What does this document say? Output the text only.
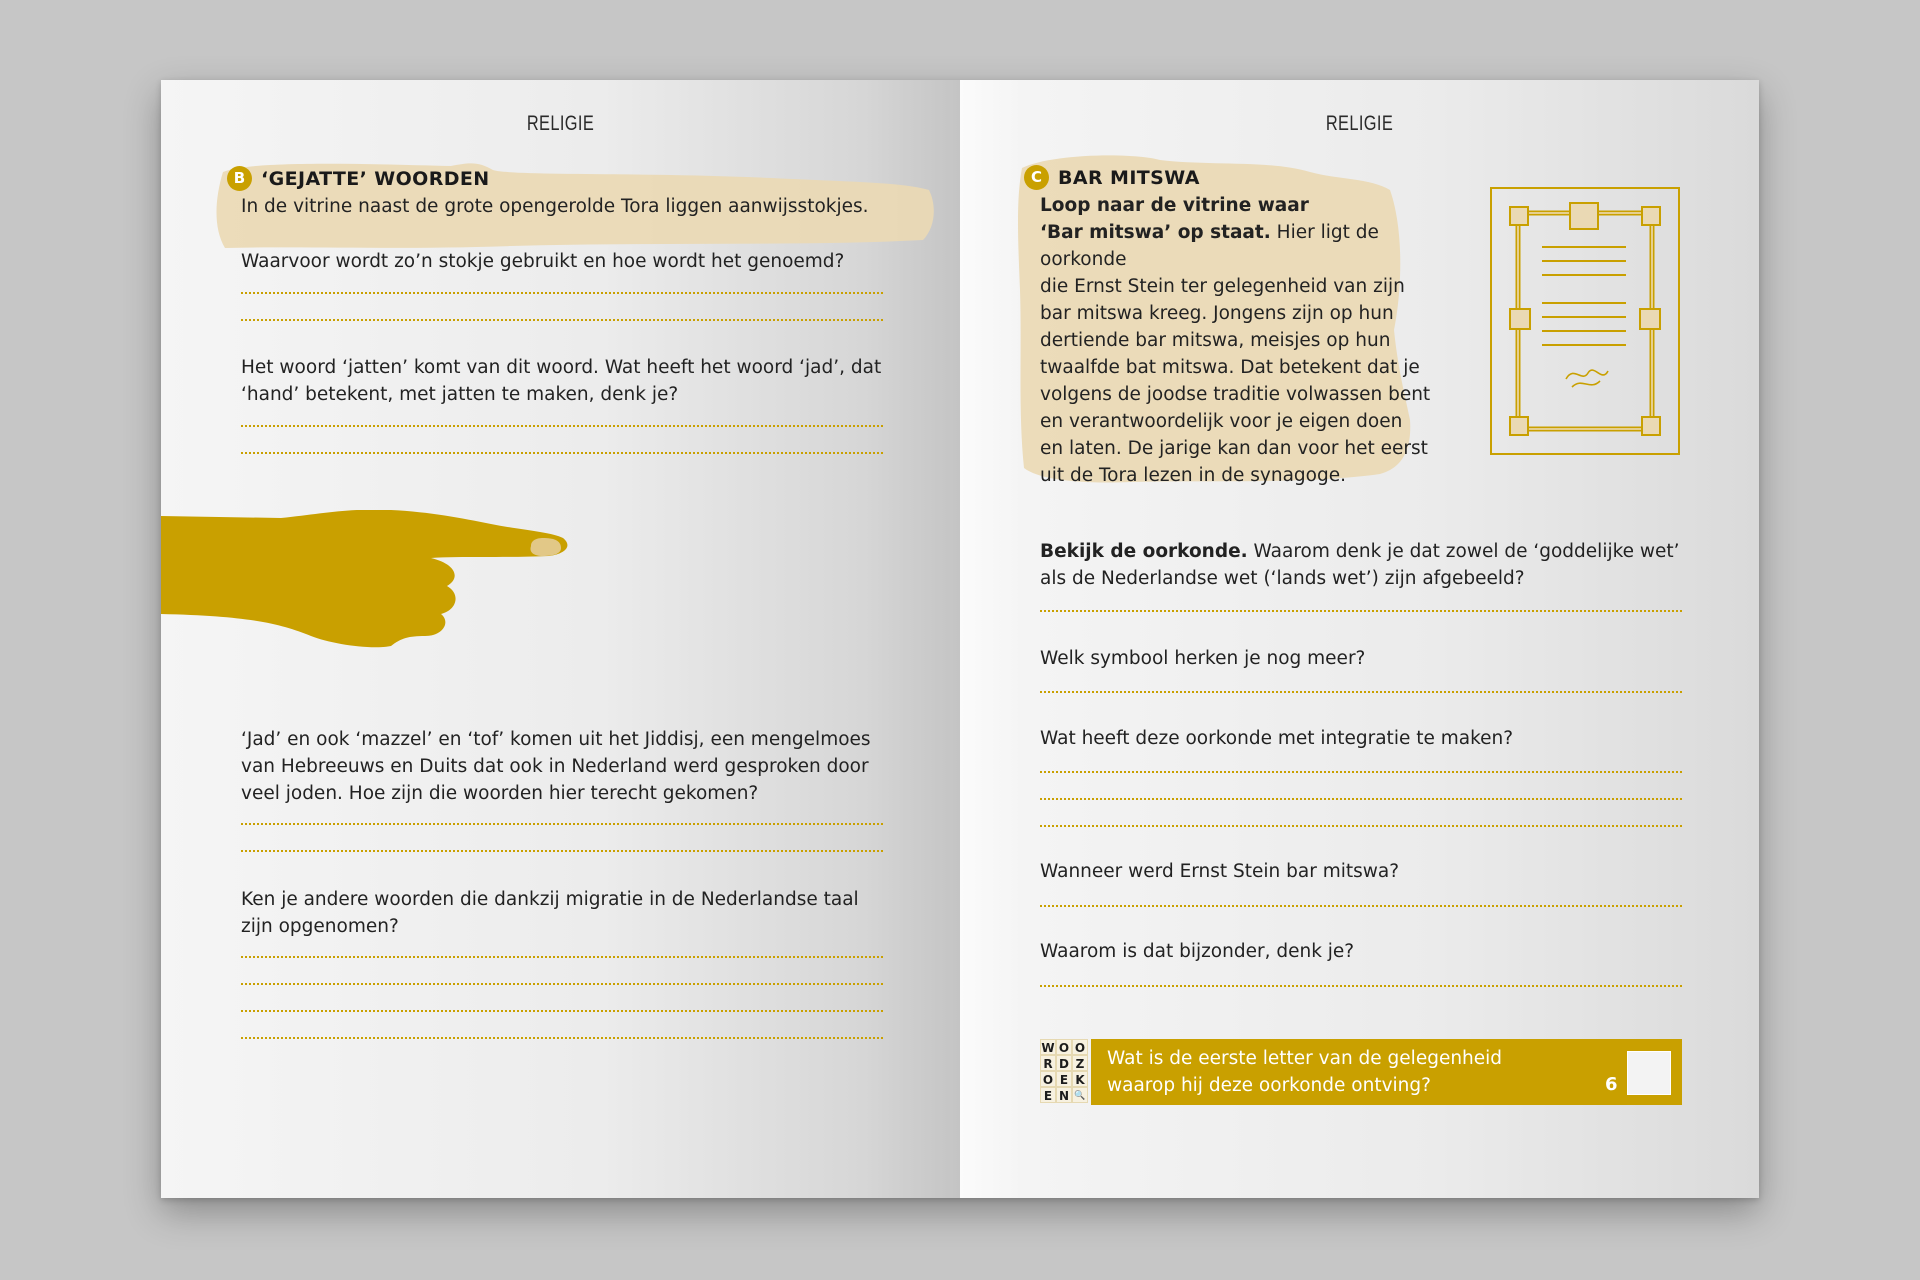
RELIGIE
B ‘GEJATTE’ WOORDEN
In de vitrine naast de grote opengerolde Tora liggen aanwijsstokjes.
Waarvoor wordt zo’n stokje gebruikt en hoe wordt het genoemd?
Het woord ‘jatten’ komt van dit woord. Wat heeft het woord ‘jad’, dat
‘hand’ betekent, met jatten te maken, denk je?
‘Jad’ en ook ‘mazzel’ en ‘tof’ komen uit het Jiddisj, een mengelmoes
van Hebreeuws en Duits dat ook in Nederland werd gesproken door
veel joden. Hoe zijn die woorden hier terecht gekomen?
Ken je andere woorden die dankzij migratie in de Nederlandse taal
zijn opgenomen?
RELIGIE
C BAR MITSWA
Loop naar de vitrine waar
‘Bar mitswa’ op staat. Hier ligt de oorkonde
die Ernst Stein ter gelegenheid van zijn
bar mitswa kreeg. Jongens zijn op hun
dertiende bar mitswa, meisjes op hun
twaalfde bat mitswa. Dat betekent dat je
volgens de joodse traditie volwassen bent
en verantwoordelijk voor je eigen doen
en laten. De jarige kan dan voor het eerst
uit de Tora lezen in de synagoge.
Bekijk de oorkonde. Waarom denk je dat zowel de ‘goddelijke wet’
als de Nederlandse wet (‘lands wet’) zijn afgebeeld?
Welk symbool herken je nog meer?
Wat heeft deze oorkonde met integratie te maken?
Wanneer werd Ernst Stein bar mitswa?
Waarom is dat bijzonder, denk je?
W O O
R D Z
O E K
E N 🔍
Wat is de eerste letter van de gelegenheid
waarop hij deze oorkonde ontving?	6
